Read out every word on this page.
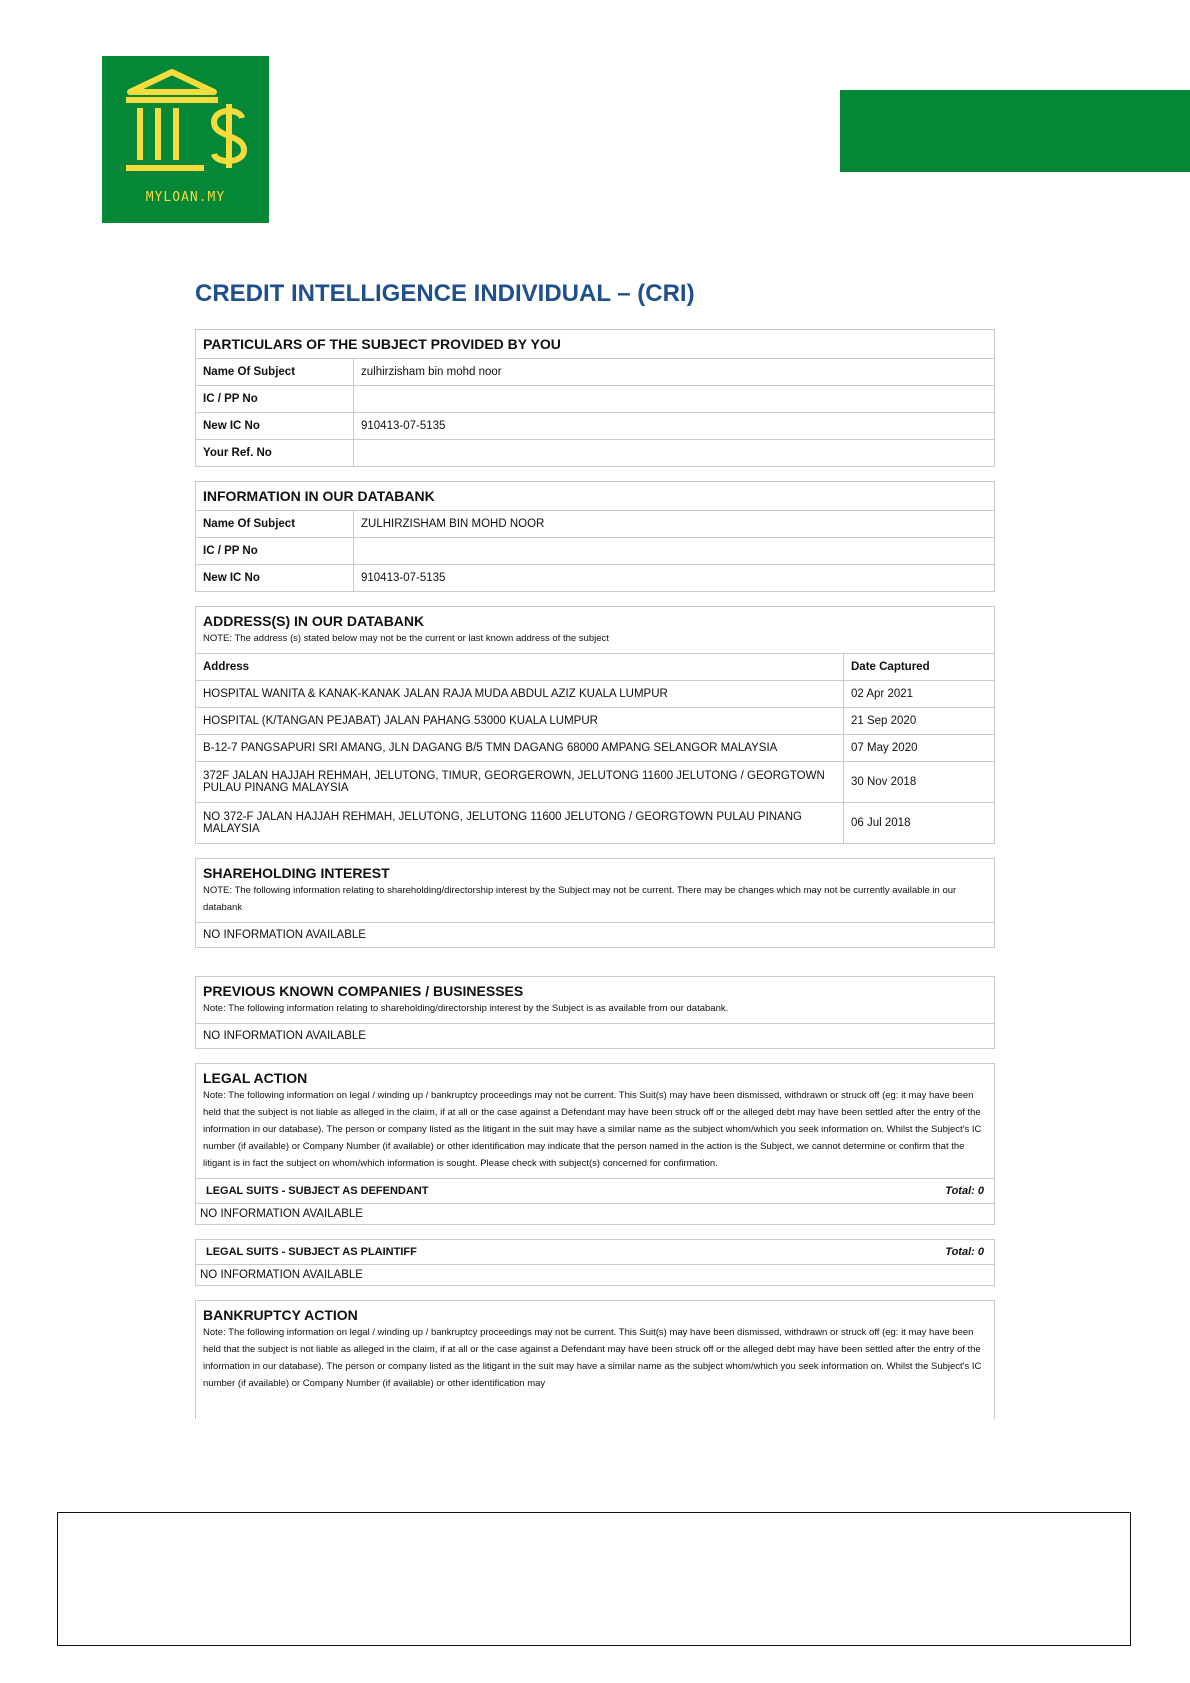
MYLOAN.MY
CREDIT INTELLIGENCE INDIVIDUAL – (CRI)
PARTICULARS OF THE SUBJECT PROVIDED BY YOU
Name Of Subject	zulhirzisham bin mohd noor
IC / PP No	
New IC No	910413-07-5135
Your Ref. No	
INFORMATION IN OUR DATABANK
Name Of Subject	ZULHIRZISHAM BIN MOHD NOOR
IC / PP No	
New IC No	910413-07-5135
ADDRESS(S) IN OUR DATABANK
NOTE: The address (s) stated below may not be the current or last known address of the subject
Address	Date Captured
HOSPITAL WANITA & KANAK-KANAK JALAN RAJA MUDA ABDUL AZIZ KUALA LUMPUR	02 Apr 2021
HOSPITAL (K/TANGAN PEJABAT) JALAN PAHANG 53000 KUALA LUMPUR	21 Sep 2020
B-12-7 PANGSAPURI SRI AMANG, JLN DAGANG B/5 TMN DAGANG 68000 AMPANG SELANGOR MALAYSIA	07 May 2020
372F JALAN HAJJAH REHMAH, JELUTONG, TIMUR, GEORGEROWN, JELUTONG 11600 JELUTONG / GEORGTOWN PULAU PINANG MALAYSIA	30 Nov 2018
NO 372-F JALAN HAJJAH REHMAH, JELUTONG, JELUTONG 11600 JELUTONG / GEORGTOWN PULAU PINANG MALAYSIA	06 Jul 2018
SHAREHOLDING INTEREST
NOTE: The following information relating to shareholding/directorship interest by the Subject may not be current. There may be changes which may not be currently available in our databank
NO INFORMATION AVAILABLE
PREVIOUS KNOWN COMPANIES / BUSINESSES
Note: The following information relating to shareholding/directorship interest by the Subject is as available from our databank.
NO INFORMATION AVAILABLE
LEGAL ACTION
Note: The following information on legal / winding up / bankruptcy proceedings may not be current. This Suit(s) may have been dismissed, withdrawn or struck off (eg: it may have been held that the subject is not liable as alleged in the claim, if at all or the case against a Defendant may have been struck off or the alleged debt may have been settled after the entry of the information in our database). The person or company listed as the litigant in the suit may have a similar name as the subject whom/which you seek information on. Whilst the Subject's IC number (if available) or Company Number (if available) or other identification may indicate that the person named in the action is the Subject, we cannot determine or confirm that the litigant is in fact the subject on whom/which information is sought. Please check with subject(s) concerned for confirmation.
LEGAL SUITS - SUBJECT AS DEFENDANT	Total: 0
NO INFORMATION AVAILABLE
LEGAL SUITS - SUBJECT AS PLAINTIFF	Total: 0
NO INFORMATION AVAILABLE
BANKRUPTCY ACTION
Note: The following information on legal / winding up / bankruptcy proceedings may not be current. This Suit(s) may have been dismissed, withdrawn or struck off (eg: it may have been held that the subject is not liable as alleged in the claim, if at all or the case against a Defendant may have been struck off or the alleged debt may have been settled after the entry of the information in our database). The person or company listed as the litigant in the suit may have a similar name as the subject whom/which you seek information on. Whilst the Subject's IC number (if available) or Company Number (if available) or other identification may
